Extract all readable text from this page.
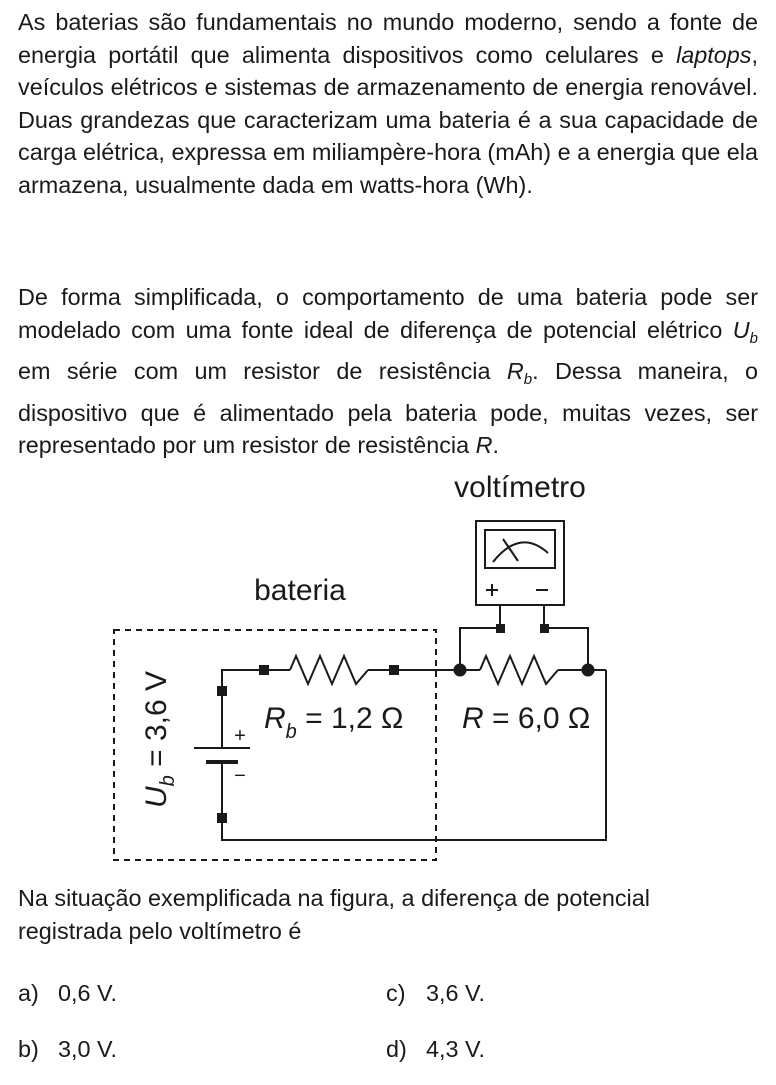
As baterias são fundamentais no mundo moderno, sendo a fonte de energia portátil que alimenta dispositivos como celulares e laptops, veículos elétricos e sistemas de armazenamento de energia renovável. Duas grandezas que caracterizam uma bateria é a sua capacidade de carga elétrica, expressa em miliampère-hora (mAh) e a energia que ela armazena, usualmente dada em watts-hora (Wh).

De forma simplificada, o comportamento de uma bateria pode ser modelado com uma fonte ideal de diferença de potencial elétrico $U_b$ em série com um resistor de resistência $R_b$. Dessa maneira, o dispositivo que é alimentado pela bateria pode, muitas vezes, ser representado por um resistor de resistência R.

voltímetro
bateria
+
−
$U_b = 3,6$ V	$R_b = 1,2$ Ω R = 6,0 Ω

Na situação exemplificada na figura, a diferença de potencial registrada pelo voltímetro é

a) 0,6 V.
b) 3,0 V.
c) 3,6 V.
d) 4,3 V.
